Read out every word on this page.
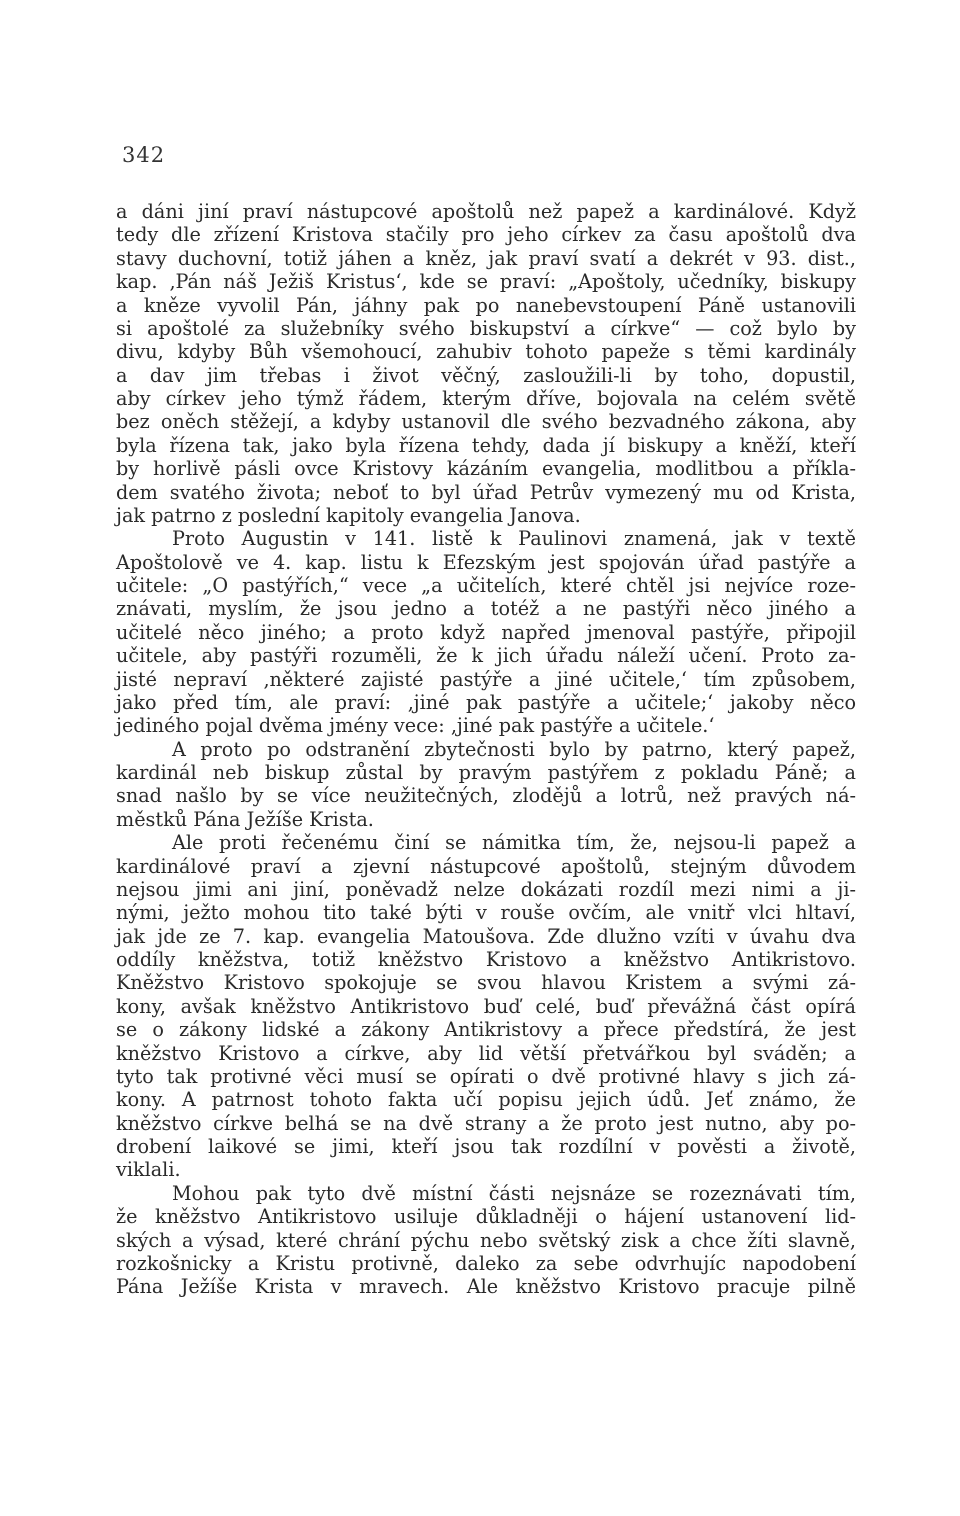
342
a dáni jiní praví nástupcové apoštolů než papež a kardinálové. Když
tedy dle zřízení Kristova stačily pro jeho církev za času apoštolů dva
stavy duchovní, totiž jáhen a kněz, jak praví svatí a dekrét v 93. dist.,
kap. ‚Pán náš Ježiš Kristus‘, kde se praví: „Apoštoly, učedníky, biskupy
a kněze vyvolil Pán, jáhny pak po nanebevstoupení Páně ustanovili
si apoštolé za služebníky svého biskupství a církve“ — což bylo by
divu, kdyby Bůh všemohoucí, zahubiv tohoto papeže s těmi kardinály
a dav jim třebas i život věčný, zasloužili-li by toho, dopustil,
aby církev jeho týmž řádem, kterým dříve, bojovala na celém světě
bez oněch stěžejí, a kdyby ustanovil dle svého bezvadného zákona, aby
byla řízena tak, jako byla řízena tehdy, dada jí biskupy a kněží, kteří
by horlivě pásli ovce Kristovy kázáním evangelia, modlitbou a příkla-
dem svatého života; neboť to byl úřad Petrův vymezený mu od Krista,
jak patrno z poslední kapitoly evangelia Janova.
Proto Augustin v 141. listě k Paulinovi znamená, jak v textě
Apoštolově ve 4. kap. listu k Efezským jest spojován úřad pastýře a
učitele: „O pastýřích,“ vece „a učitelích, které chtěl jsi nejvíce roze-
znávati, myslím, že jsou jedno a totéž a ne pastýři něco jiného a
učitelé něco jiného; a proto když napřed jmenoval pastýře, připojil
učitele, aby pastýři rozuměli, že k jich úřadu náleží učení. Proto za-
jisté nepraví ‚některé zajisté pastýře a jiné učitele,‘ tím způsobem,
jako před tím, ale praví: ‚jiné pak pastýře a učitele;‘ jakoby něco
jediného pojal dvěma jmény vece: ‚jiné pak pastýře a učitele.‘
A proto po odstranění zbytečnosti bylo by patrno, který papež,
kardinál neb biskup zůstal by pravým pastýřem z pokladu Páně; a
snad našlo by se více neužitečných, zlodějů a lotrů, než pravých ná-
městků Pána Ježíše Krista.
Ale proti řečenému činí se námitka tím, že, nejsou-li papež a
kardinálové praví a zjevní nástupcové apoštolů, stejným důvodem
nejsou jimi ani jiní, poněvadž nelze dokázati rozdíl mezi nimi a ji-
nými, ježto mohou tito také býti v rouše ovčím, ale vnitř vlci hltaví,
jak jde ze 7. kap. evangelia Matoušova. Zde dlužno vzíti v úvahu dva
oddíly kněžstva, totiž kněžstvo Kristovo a kněžstvo Antikristovo.
Kněžstvo Kristovo spokojuje se svou hlavou Kristem a svými zá-
kony, avšak kněžstvo Antikristovo buď celé, buď převážná část opírá
se o zákony lidské a zákony Antikristovy a přece předstírá, že jest
kněžstvo Kristovo a církve, aby lid větší přetvářkou byl sváděn; a
tyto tak protivné věci musí se opírati o dvě protivné hlavy s jich zá-
kony. A patrnost tohoto fakta učí popisu jejich údů. Jeť známo, že
kněžstvo církve belhá se na dvě strany a že proto jest nutno, aby po-
drobení laikové se jimi, kteří jsou tak rozdílní v pověsti a životě,
viklali.
Mohou pak tyto dvě místní části nejsnáze se rozeznávati tím,
že kněžstvo Antikristovo usiluje důkladněji o hájení ustanovení lid-
ských a výsad, které chrání pýchu nebo světský zisk a chce žíti slavně,
rozkošnicky a Kristu protivně, daleko za sebe odvrhujíc napodobení
Pána Ježíše Krista v mravech. Ale kněžstvo Kristovo pracuje pilně
